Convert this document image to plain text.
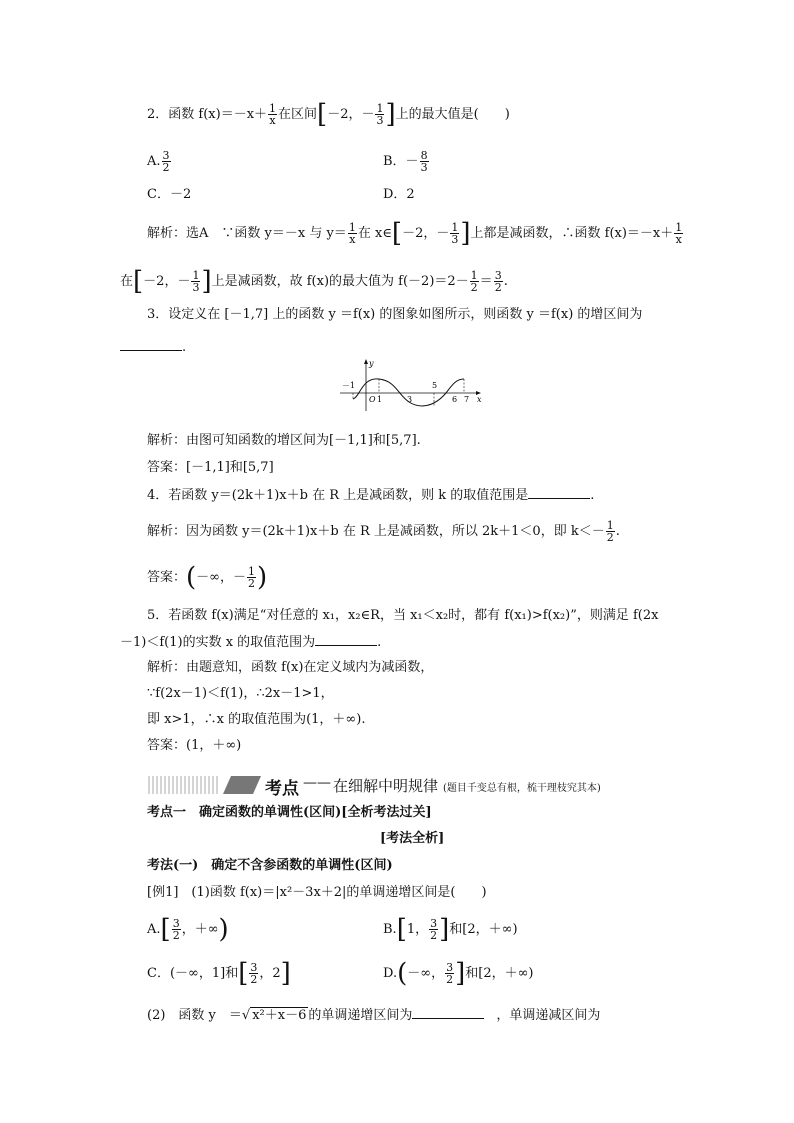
2．函数 $f(x)=-x+ \frac{1}{x}$ 在区间[－2，－ $\frac{1}{3}$ ]上的最大值是(　　)
A. $\frac{3}{2}$	B．－ $\frac{8}{3}$
C．－2	D．2
解析：选A　∵函数 y＝－x 与 $y= \frac{1}{x}$ 在 x∈[－2，－ $\frac{1}{3}$ ]上都是减函数，∴函数 $f(x)=-x+ \frac{1}{x}$
在[－2，－ $\frac{1}{3}$ ]上是减函数，故 f(x)的最大值为 $f(-2)=2- \frac{1}{2} = \frac{3}{2}$ .
3．设定义在 [－1,7] 上的函数 y ＝f(x) 的图象如图所示，则函数 y ＝f(x) 的增区间为
.
y
x
O
－1
1	3
5
6 7
解析：由图可知函数的增区间为[－1,1]和[5,7].
答案：[－1,1]和[5,7]
4．若函数 y＝(2k＋1)x＋b 在 R 上是减函数，则 k 的取值范围是	.
解析：因为函数 y＝(2k＋1)x＋b 在 R 上是减函数，所以 2k＋1＜0，即 $k<- \frac{1}{2}$ .
答案：(－∞，－ $\frac{1}{2}$ )
5．若函数 f(x)满足“对任意的 x₁，x₂∈R，当 x₁＜x₂时，都有 f(x₁)>f(x₂)”，则满足 f(2x
－1)＜f(1)的实数 x 的取值范围为	.
解析：由题意知，函数 f(x)在定义域内为减函数，
∵f(2x－1)＜f(1)，∴2x－1>1，
即 x>1，∴x 的取值范围为(1，＋∞).
答案：(1，＋∞)
考点 —— 在细解中明规律 (题目千变总有根，梳干理枝究其本)
考点一　确定函数的单调性(区间)[全析考法过关]
[考法全析]
考法(一)　确定不含参函数的单调性(区间)
[例1]　(1)函数 f(x)＝|x²－3x＋2|的单调递增区间是(　　)
$A.[ \frac{3}{2}$ ，＋∞)	B.[1， $\frac{3}{2}$ ]和[2，＋∞)
C．(－∞，1]和[ $\frac{3}{2}$ ，2]	D.(－∞， $\frac{3}{2}$ ]和[2，＋∞)
(2)　函数 y　＝√ x²＋x－6 的单调递增区间为	，单调递减区间为
